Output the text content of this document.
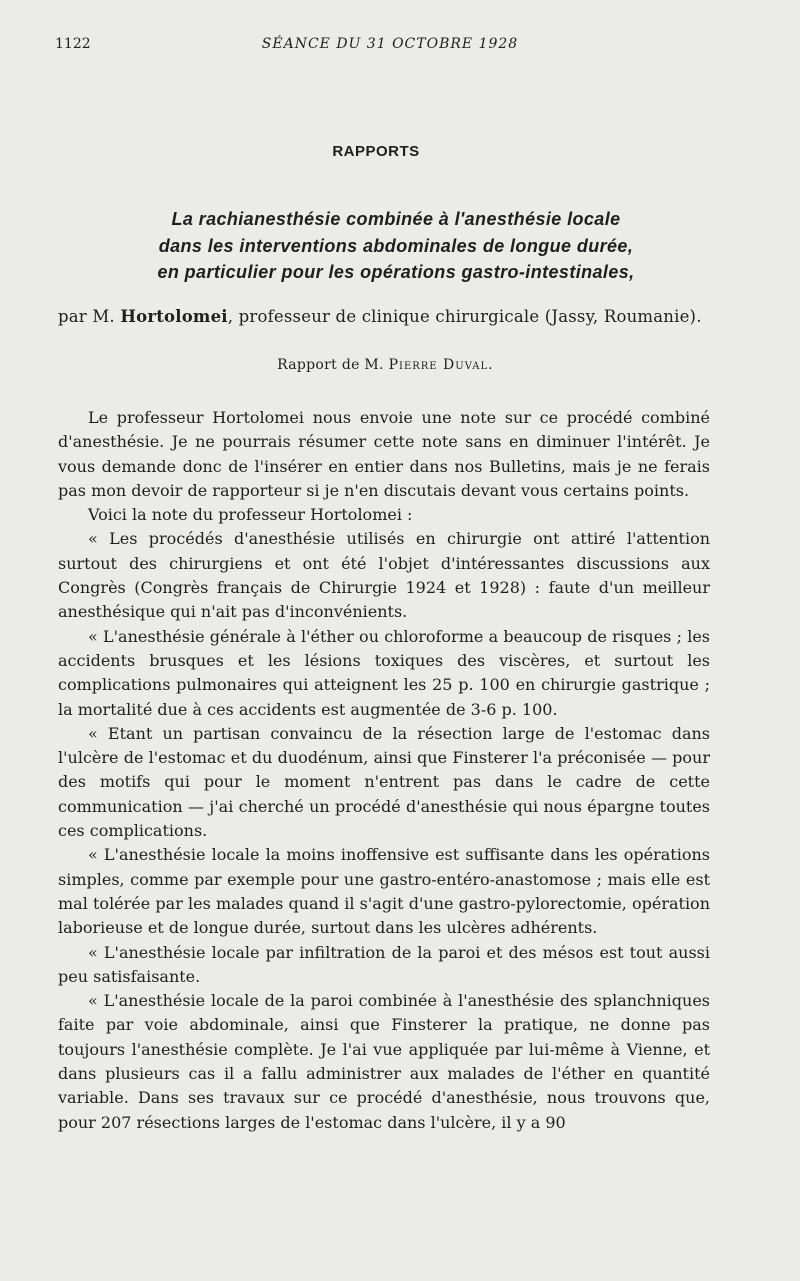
1122	SÉANCE DU 31 OCTOBRE 1928
RAPPORTS
La rachianesthésie combinée à l'anesthésie locale
dans les interventions abdominales de longue durée,
en particulier pour les opérations gastro-intestinales,
par M. Hortolomei, professeur de clinique chirurgicale (Jassy, Roumanie).
Rapport de M. Pierre Duval.

Le professeur Hortolomei nous envoie une note sur ce procédé combiné d'anesthésie. Je ne pourrais résumer cette note sans en diminuer l'intérêt. Je vous demande donc de l'insérer en entier dans nos Bulletins, mais je ne ferais pas mon devoir de rapporteur si je n'en discutais devant vous certains points.

Voici la note du professeur Hortolomei :

« Les procédés d'anesthésie utilisés en chirurgie ont attiré l'attention surtout des chirurgiens et ont été l'objet d'intéressantes discussions aux Congrès (Congrès français de Chirurgie 1924 et 1928) : faute d'un meilleur anesthésique qui n'ait pas d'inconvénients.

« L'anesthésie générale à l'éther ou chloroforme a beaucoup de risques ; les accidents brusques et les lésions toxiques des viscères, et surtout les complications pulmonaires qui atteignent les 25 p. 100 en chirurgie gastrique ; la mortalité due à ces accidents est augmentée de 3-6 p. 100.

« Etant un partisan convaincu de la résection large de l'estomac dans l'ulcère de l'estomac et du duodénum, ainsi que Finsterer l'a préconisée — pour des motifs qui pour le moment n'entrent pas dans le cadre de cette communication — j'ai cherché un procédé d'anesthésie qui nous épargne toutes ces complications.

« L'anesthésie locale la moins inoffensive est suffisante dans les opérations simples, comme par exemple pour une gastro-entéro-anastomose ; mais elle est mal tolérée par les malades quand il s'agit d'une gastro-pylorectomie, opération laborieuse et de longue durée, surtout dans les ulcères adhérents.

« L'anesthésie locale par infiltration de la paroi et des mésos est tout aussi peu satisfaisante.

« L'anesthésie locale de la paroi combinée à l'anesthésie des splanchniques faite par voie abdominale, ainsi que Finsterer la pratique, ne donne pas toujours l'anesthésie complète. Je l'ai vue appliquée par lui-même à Vienne, et dans plusieurs cas il a fallu administrer aux malades de l'éther en quantité variable. Dans ses travaux sur ce procédé d'anesthésie, nous trouvons que, pour 207 résections larges de l'estomac dans l'ulcère, il y a 90
